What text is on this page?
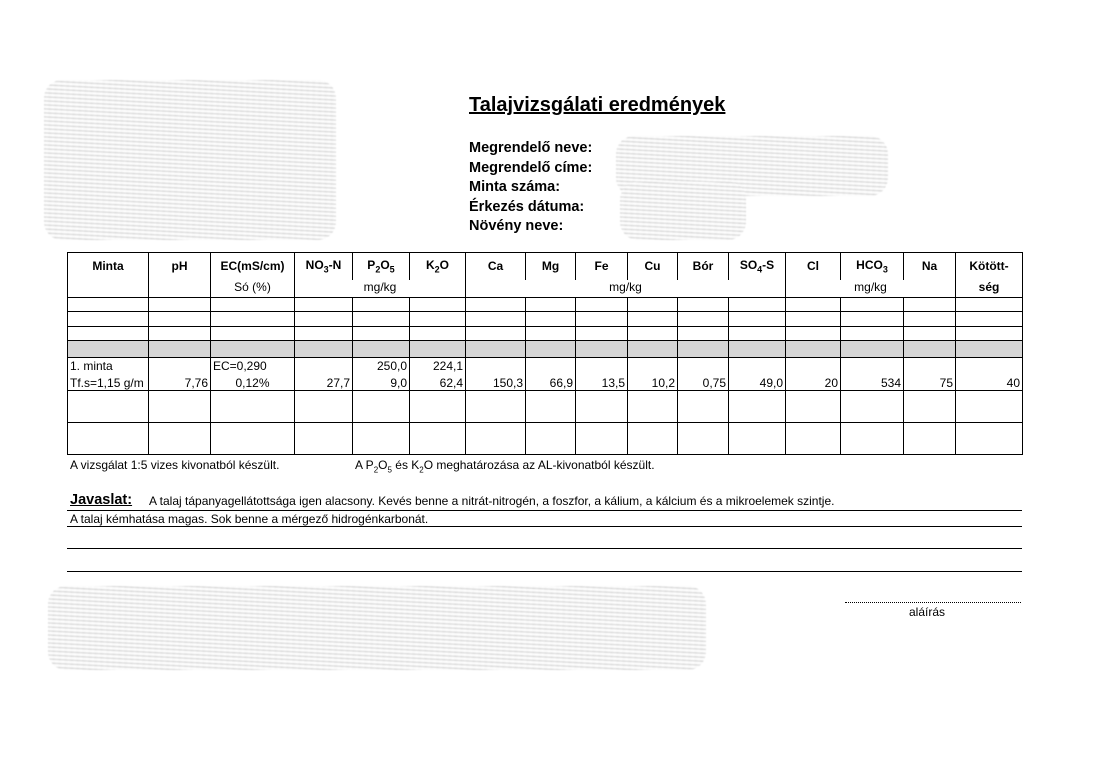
Talajvizsgálati eredmények
Megrendelő neve:
Megrendelő címe:
Minta száma:
Érkezés dátuma:
Növény neve:
Minta	pH	EC(mS/cm)	$NO_3-N$	$P_2O_5$	$K_2O$	Ca	Mg	Fe	Cu	Bór	$SO_4-S$	Cl	$HCO_3$	Na	Kötött-
		Só (%)	mg/kg			mg/kg						mg/kg			ség

1. minta		EC=0,290		250,0	224,1										
Tf.s=1,15 g/m	7,76	0,12%	27,7	9,0	62,4	150,3	66,9	13,5	10,2	0,75	49,0	20	534	75	40

A vizsgálat 1:5 vizes kivonatból készült.	A $P_2O_5$ és $K_2O$ meghatározása az AL-kivonatból készült.
Javaslat:	A talaj tápanyagellátottsága igen alacsony. Kevés benne a nitrát-nitrogén, a foszfor, a kálium, a kálcium és a mikroelemek szintje.
A talaj kémhatása magas. Sok benne a mérgező hidrogénkarbonát.
aláírás
